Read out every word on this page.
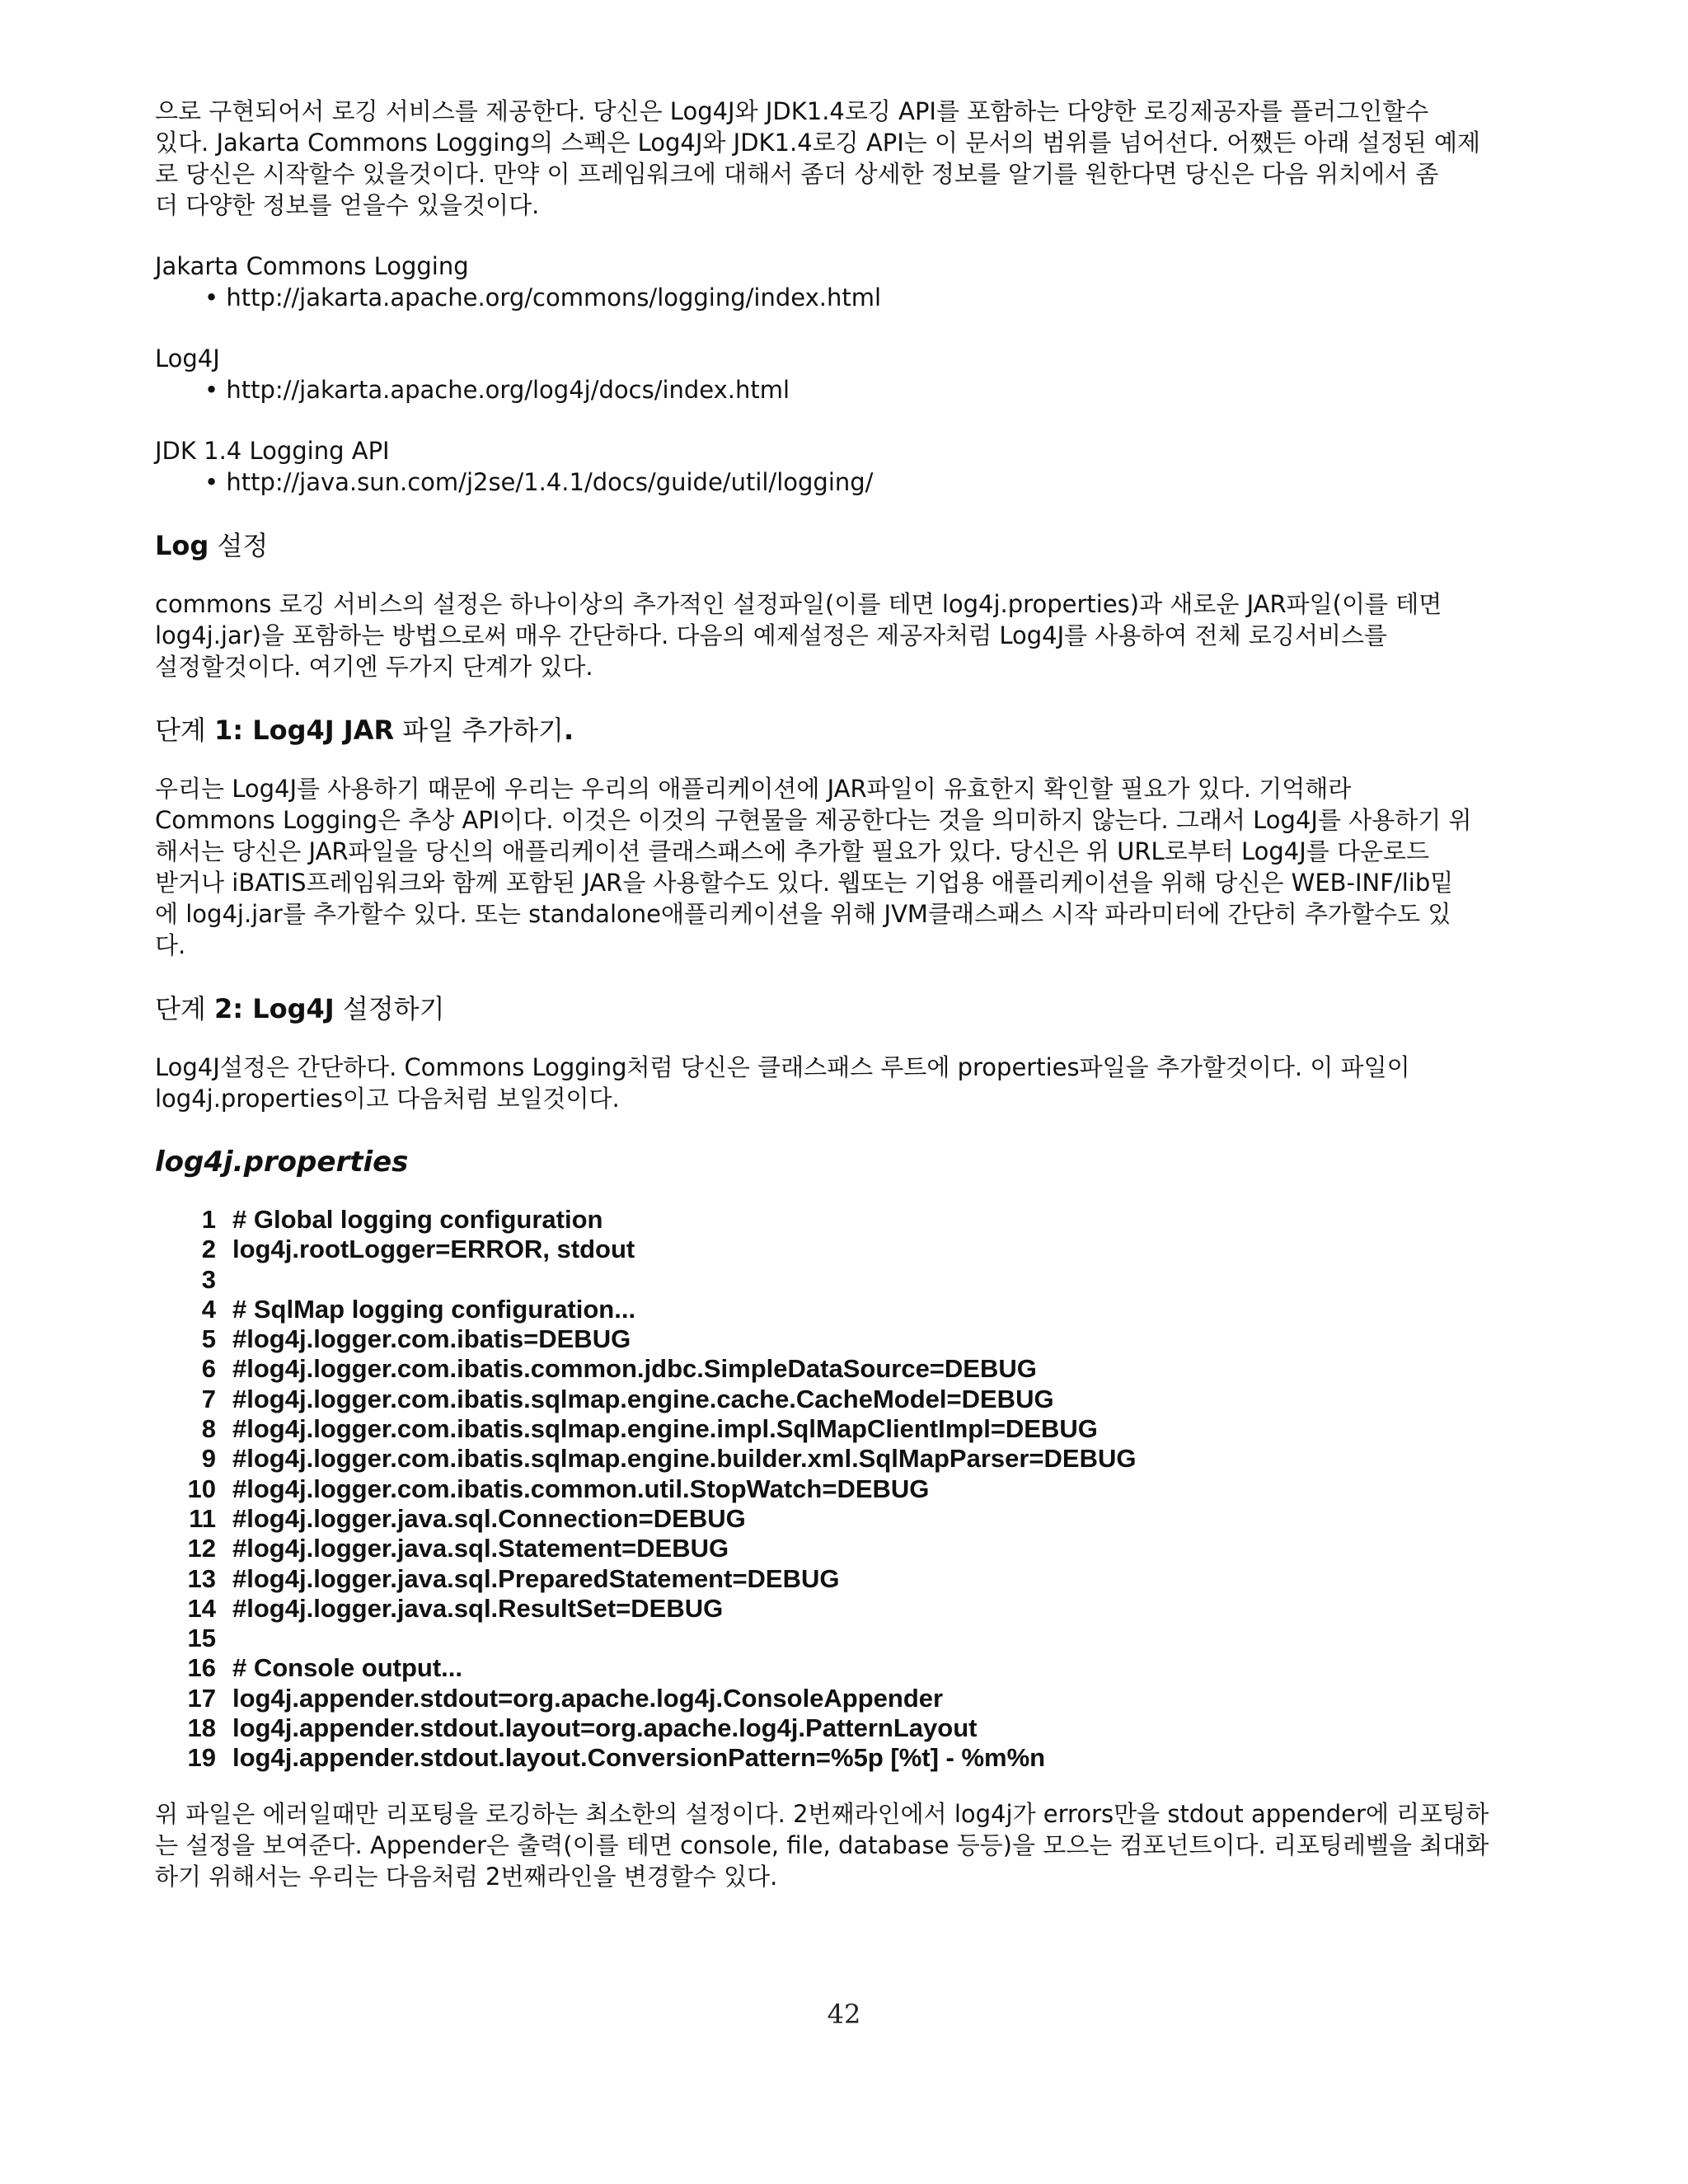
으로 구현되어서 로깅 서비스를 제공한다. 당신은 Log4J와 JDK1.4로깅 API를 포함하는 다양한 로깅제공자를 플러그인할수
있다. Jakarta Commons Logging의 스펙은 Log4J와 JDK1.4로깅 API는 이 문서의 범위를 넘어선다. 어쨌든 아래 설정된 예제
로 당신은 시작할수 있을것이다. 만약 이 프레임워크에 대해서 좀더 상세한 정보를 알기를 원한다면 당신은 다음 위치에서 좀
더 다양한 정보를 얻을수 있을것이다.

Jakarta Commons Logging
• http://jakarta.apache.org/commons/logging/index.html
Log4J
• http://jakarta.apache.org/log4j/docs/index.html
JDK 1.4 Logging API
• http://java.sun.com/j2se/1.4.1/docs/guide/util/logging/
Log 설정

commons 로깅 서비스의 설정은 하나이상의 추가적인 설정파일(이를 테면 log4j.properties)과 새로운 JAR파일(이를 테면
log4j.jar)을 포함하는 방법으로써 매우 간단하다. 다음의 예제설정은 제공자처럼 Log4J를 사용하여 전체 로깅서비스를
설정할것이다. 여기엔 두가지 단계가 있다.

단계 1: Log4J JAR 파일 추가하기.

우리는 Log4J를 사용하기 때문에 우리는 우리의 애플리케이션에 JAR파일이 유효한지 확인할 필요가 있다. 기억해라
Commons Logging은 추상 API이다. 이것은 이것의 구현물을 제공한다는 것을 의미하지 않는다. 그래서 Log4J를 사용하기 위
해서는 당신은 JAR파일을 당신의 애플리케이션 클래스패스에 추가할 필요가 있다. 당신은 위 URL로부터 Log4J를 다운로드
받거나 iBATIS프레임워크와 함께 포함된 JAR을 사용할수도 있다. 웹또는 기업용 애플리케이션을 위해 당신은 WEB-INF/lib밑
에 log4j.jar를 추가할수 있다. 또는 standalone애플리케이션을 위해 JVM클래스패스 시작 파라미터에 간단히 추가할수도 있
다.

단계 2: Log4J 설정하기

Log4J설정은 간단하다. Commons Logging처럼 당신은 클래스패스 루트에 properties파일을 추가할것이다. 이 파일이
log4j.properties이고 다음처럼 보일것이다.

log4j.properties
1 # Global logging configuration
2 log4j.rootLogger=ERROR, stdout
3
4 # SqlMap logging configuration...
5 #log4j.logger.com.ibatis=DEBUG
6 #log4j.logger.com.ibatis.common.jdbc.SimpleDataSource=DEBUG
7 #log4j.logger.com.ibatis.sqlmap.engine.cache.CacheModel=DEBUG
8 #log4j.logger.com.ibatis.sqlmap.engine.impl.SqlMapClientImpl=DEBUG
9 #log4j.logger.com.ibatis.sqlmap.engine.builder.xml.SqlMapParser=DEBUG
10 #log4j.logger.com.ibatis.common.util.StopWatch=DEBUG
11 #log4j.logger.java.sql.Connection=DEBUG
12 #log4j.logger.java.sql.Statement=DEBUG
13 #log4j.logger.java.sql.PreparedStatement=DEBUG
14 #log4j.logger.java.sql.ResultSet=DEBUG
15
16 # Console output...
17 log4j.appender.stdout=org.apache.log4j.ConsoleAppender
18 log4j.appender.stdout.layout=org.apache.log4j.PatternLayout
19 log4j.appender.stdout.layout.ConversionPattern=%5p [%t] - %m%n

위 파일은 에러일때만 리포팅을 로깅하는 최소한의 설정이다. 2번째라인에서 log4j가 errors만을 stdout appender에 리포팅하
는 설정을 보여준다. Appender은 출력(이를 테면 console, file, database 등등)을 모으는 컴포넌트이다. 리포팅레벨을 최대화
하기 위해서는 우리는 다음처럼 2번째라인을 변경할수 있다.

42
